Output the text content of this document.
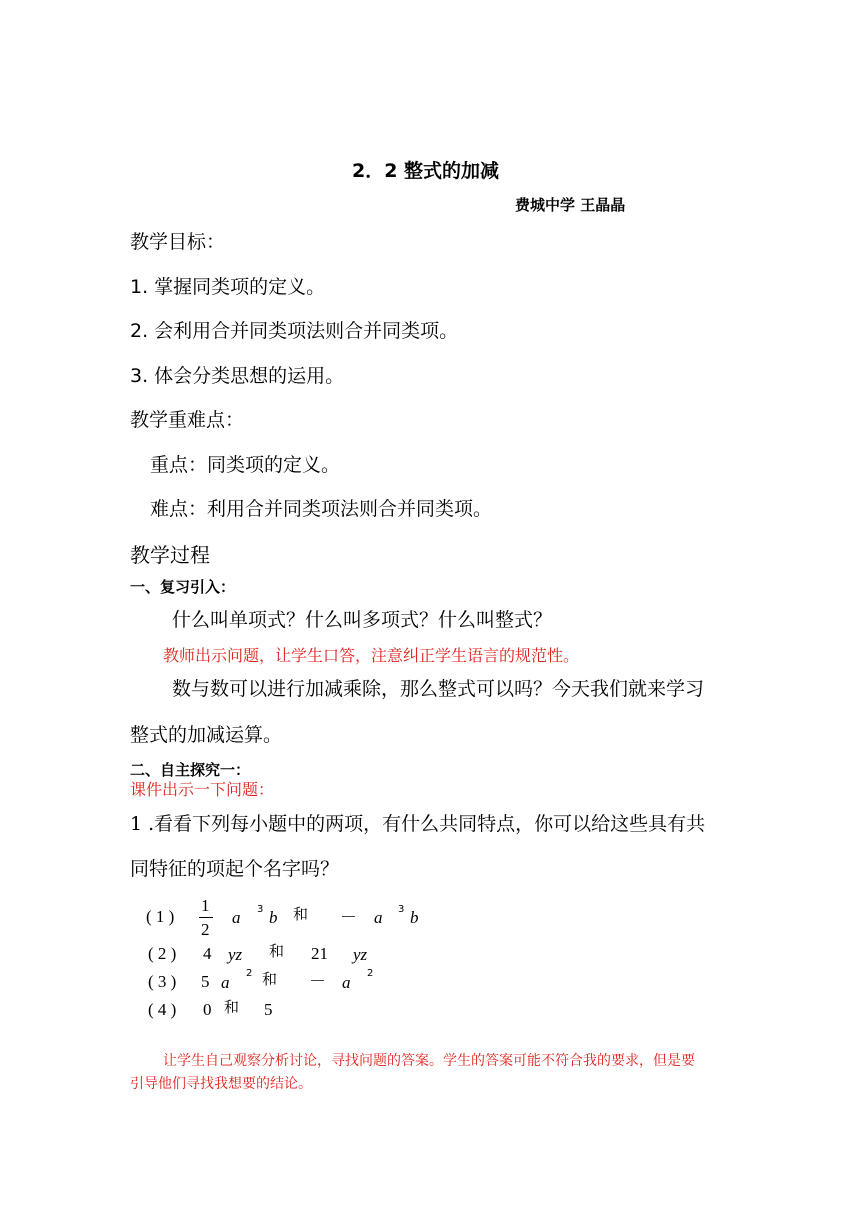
2．2 整式的加减
费城中学 王晶晶
教学目标：
1. 掌握同类项的定义。
2. 会利用合并同类项法则合并同类项。
3. 体会分类思想的运用。
教学重难点：
重点：同类项的定义。
难点：利用合并同类项法则合并同类项。
教学过程
一、复习引入：
什么叫单项式？什么叫多项式？什么叫整式？
教师出示问题，让学生口答，注意纠正学生语言的规范性。
数与数可以进行加减乘除，那么整式可以吗？今天我们就来学习
整式的加减运算。
二、自主探究一：
课件出示一下问题：
1 .看看下列每小题中的两项，有什么共同特点，你可以给这些具有共
同特征的项起个名字吗？
( 1 )
1
2
a 3 b 和 － a 3 b
( 2 ) 4 yz 和 21 yz
( 3 ) 5 a 2 和 － a 2
( 4 ) 0 和 5
让学生自己观察分析讨论，寻找问题的答案。学生的答案可能不符合我的要求，但是要
引导他们寻找我想要的结论。
